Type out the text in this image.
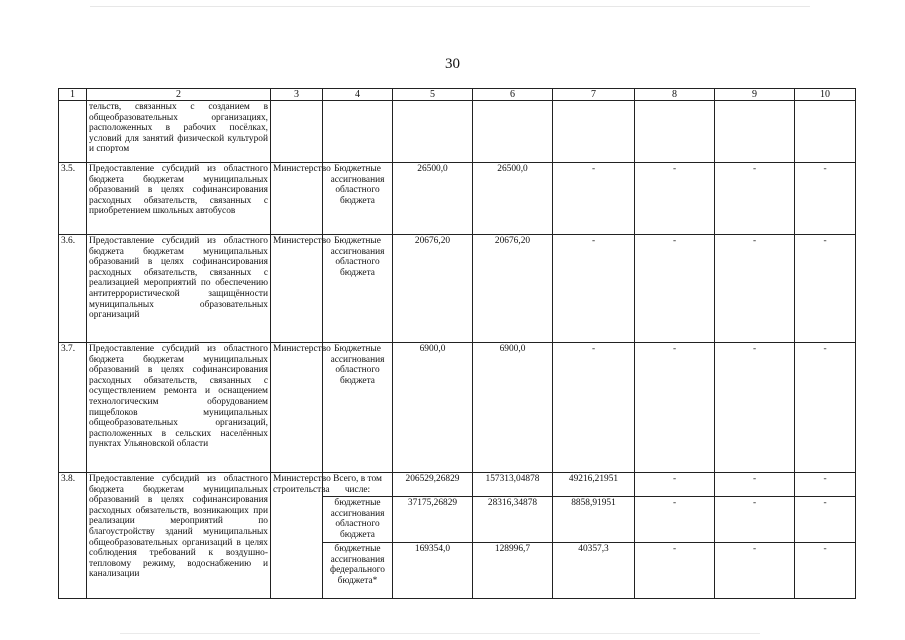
30
1	2	3	4	5	6	7	8	9	10
	тельств, связанных с созданием в общеобразовательных организациях, расположенных в рабочих посёлках, условий для занятий физической культурой и спортом								
3.5.	Предоставление субсидий из областного бюджета бюджетам муниципальных образований в целях софинансирования расходных обязательств, связанных с приобретением школьных автобусов	Министерство	Бюджетные ассигнования областного бюджета	26500,0	26500,0	-	-	-	-
3.6.	Предоставление субсидий из областного бюджета бюджетам муниципальных образований в целях софинансирования расходных обязательств, связанных с реализацией мероприятий по обеспечению антитеррористической защищённости муниципальных образовательных организаций	Министерство	Бюджетные ассигнования областного бюджета	20676,20	20676,20	-	-	-	-
3.7.	Предоставление субсидий из областного бюджета бюджетам муниципальных образований в целях софинансирования расходных обязательств, связанных с осуществлением ремонта и оснащением технологическим оборудованием пищеблоков муниципальных общеобразовательных организаций, расположенных в сельских населённых пунктах Ульяновской области	Министерство	Бюджетные ассигнования областного бюджета	6900,0	6900,0	-	-	-	-
3.8.	Предоставление субсидий из областного бюджета бюджетам муниципальных образований в целях софинансирования расходных обязательств, возникающих при реализации мероприятий по благоустройству зданий муниципальных общеобразовательных организаций в целях соблюдения требований к воздушно-тепловому режиму, водоснабжению и канализации	Министерство строительства	Всего, в том числе:	206529,26829	157313,04878	49216,21951	-	-	-
			бюджетные ассигнования областного бюджета	37175,26829	28316,34878	8858,91951	-	-	-
			бюджетные ассигнования федерального бюджета*	169354,0	128996,7	40357,3	-	-	-
